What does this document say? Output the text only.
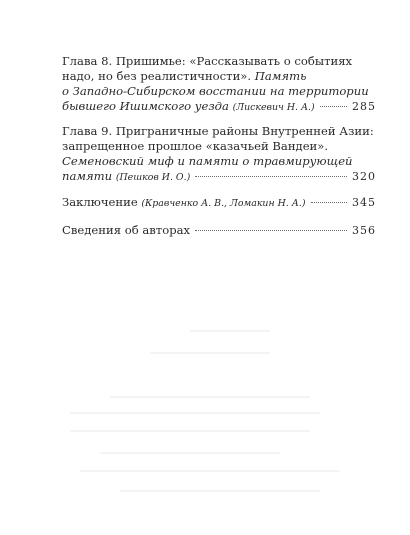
Глава 8. Пришимье: «Рассказывать о событиях
надо, но без реалистичности». Память
о Западно-Сибирском восстании на территории
бывшего Ишимского уезда
(Лискевич Н. А.)	285
Глава 9. Приграничные районы Внутренней Азии:
запрещенное прошлое «казачьей Вандеи».
Семеновский миф и памяти о травмирующей
памяти
(Пешков И. О.)	320
Заключение
(Кравченко А. В., Ломакин Н. А.)	345
Сведения об авторах	356
